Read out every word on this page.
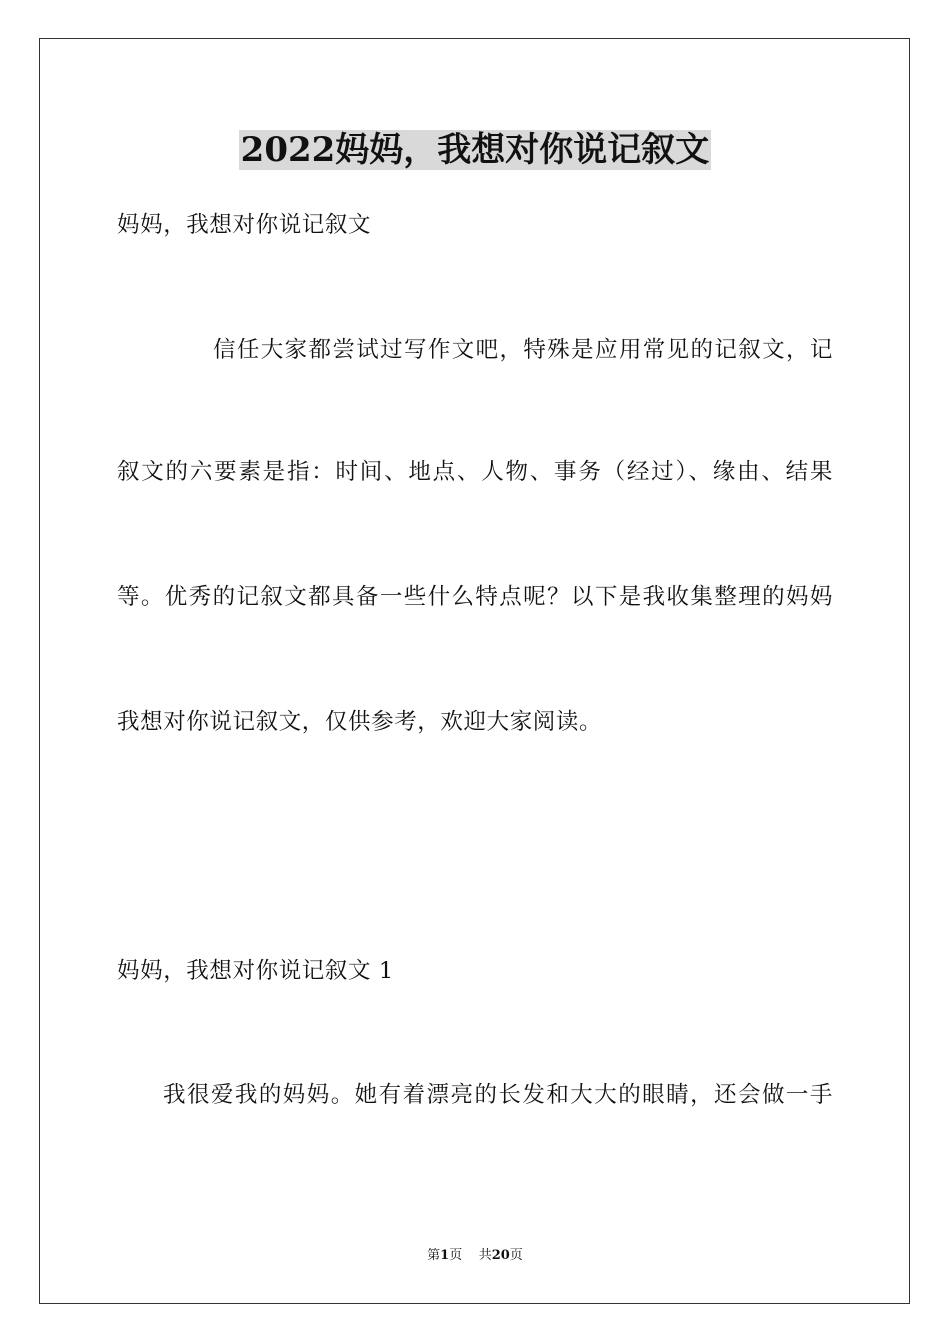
2022妈妈，我想对你说记叙文
妈妈，我想对你说记叙文
信任大家都尝试过写作文吧，特殊是应用常见的记叙文，记
叙文的六要素是指：时间、地点、人物、事务（经过）、缘由、结果
等。优秀的记叙文都具备一些什么特点呢？以下是我收集整理的妈妈
我想对你说记叙文，仅供参考，欢迎大家阅读。
妈妈，我想对你说记叙文 1
我很爱我的妈妈。她有着漂亮的长发和大大的眼睛，还会做一手
第1页 共20页
